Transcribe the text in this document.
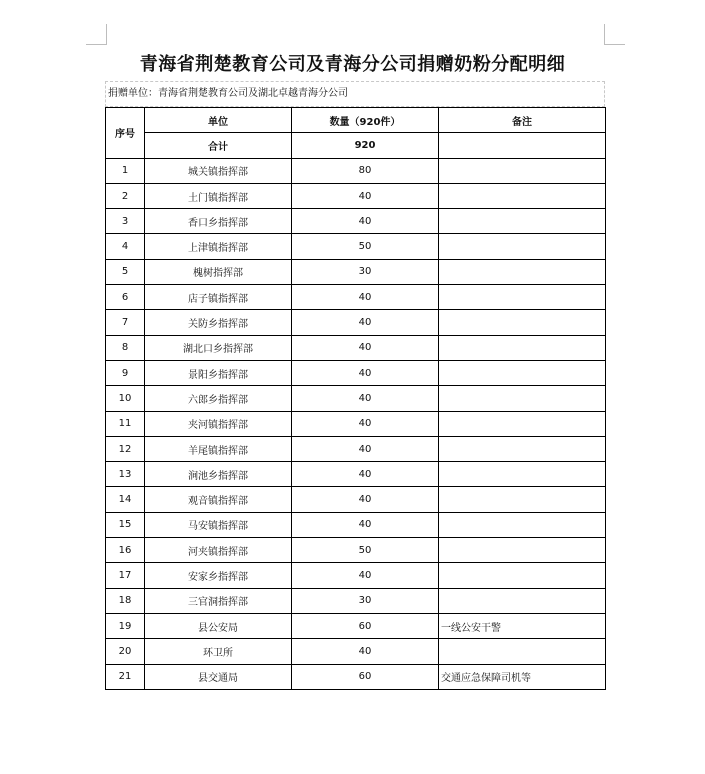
青海省荆楚教育公司及青海分公司捐赠奶粉分配明细
捐赠单位：青海省荆楚教育公司及湖北卓越青海分公司
序号	单位	数量（920件）	备注
	合计	920	
1	城关镇指挥部	80	
2	土门镇指挥部	40	
3	香口乡指挥部	40	
4	上津镇指挥部	50	
5	槐树指挥部	30	
6	店子镇指挥部	40	
7	关防乡指挥部	40	
8	湖北口乡指挥部	40	
9	景阳乡指挥部	40	
10	六郎乡指挥部	40	
11	夹河镇指挥部	40	
12	羊尾镇指挥部	40	
13	涧池乡指挥部	40	
14	观音镇指挥部	40	
15	马安镇指挥部	40	
16	河夹镇指挥部	50	
17	安家乡指挥部	40	
18	三官洞指挥部	30	
19	县公安局	60	一线公安干警
20	环卫所	40	
21	县交通局	60	交通应急保障司机等
